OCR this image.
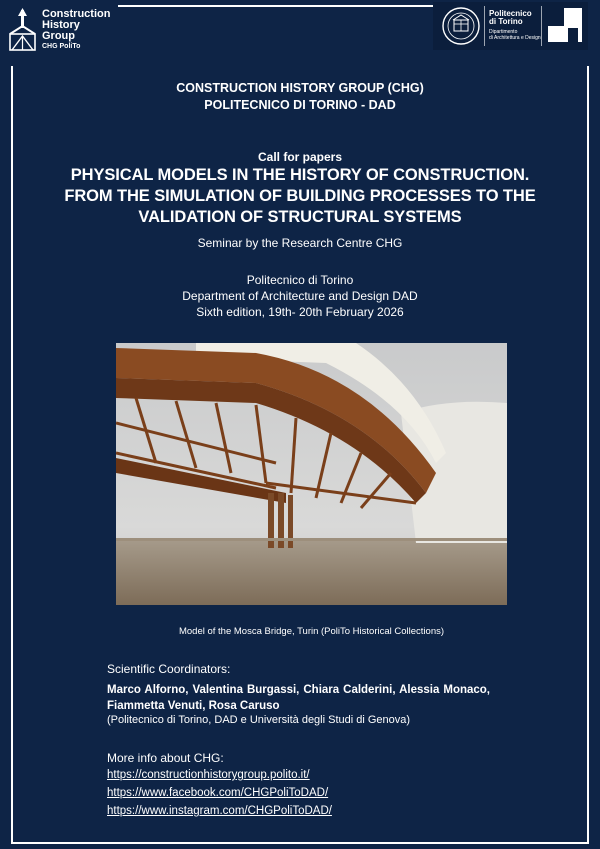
Construction
History
Group
CHG PoliTo
Politecnico
di Torino
Dipartimento
di Architettura e Design
CONSTRUCTION HISTORY GROUP (CHG)
POLITECNICO DI TORINO - DAD
Call for papers
PHYSICAL MODELS IN THE HISTORY OF CONSTRUCTION.
FROM THE SIMULATION OF BUILDING PROCESSES TO THE
VALIDATION OF STRUCTURAL SYSTEMS
Seminar by the Research Centre CHG
Politecnico di Torino
Department of Architecture and Design DAD
Sixth edition, 19th- 20th February 2026
Model of the Mosca Bridge, Turin (PoliTo Historical Collections)
Scientific Coordinators:
Marco Alforno, Valentina Burgassi, Chiara Calderini, Alessia Monaco, Fiammetta Venuti, Rosa Caruso
(Politecnico di Torino, DAD e Università degli Studi di Genova)
More info about CHG:
https://constructionhistorygroup.polito.it/
https://www.facebook.com/CHGPoliToDAD/
https://www.instagram.com/CHGPoliToDAD/
